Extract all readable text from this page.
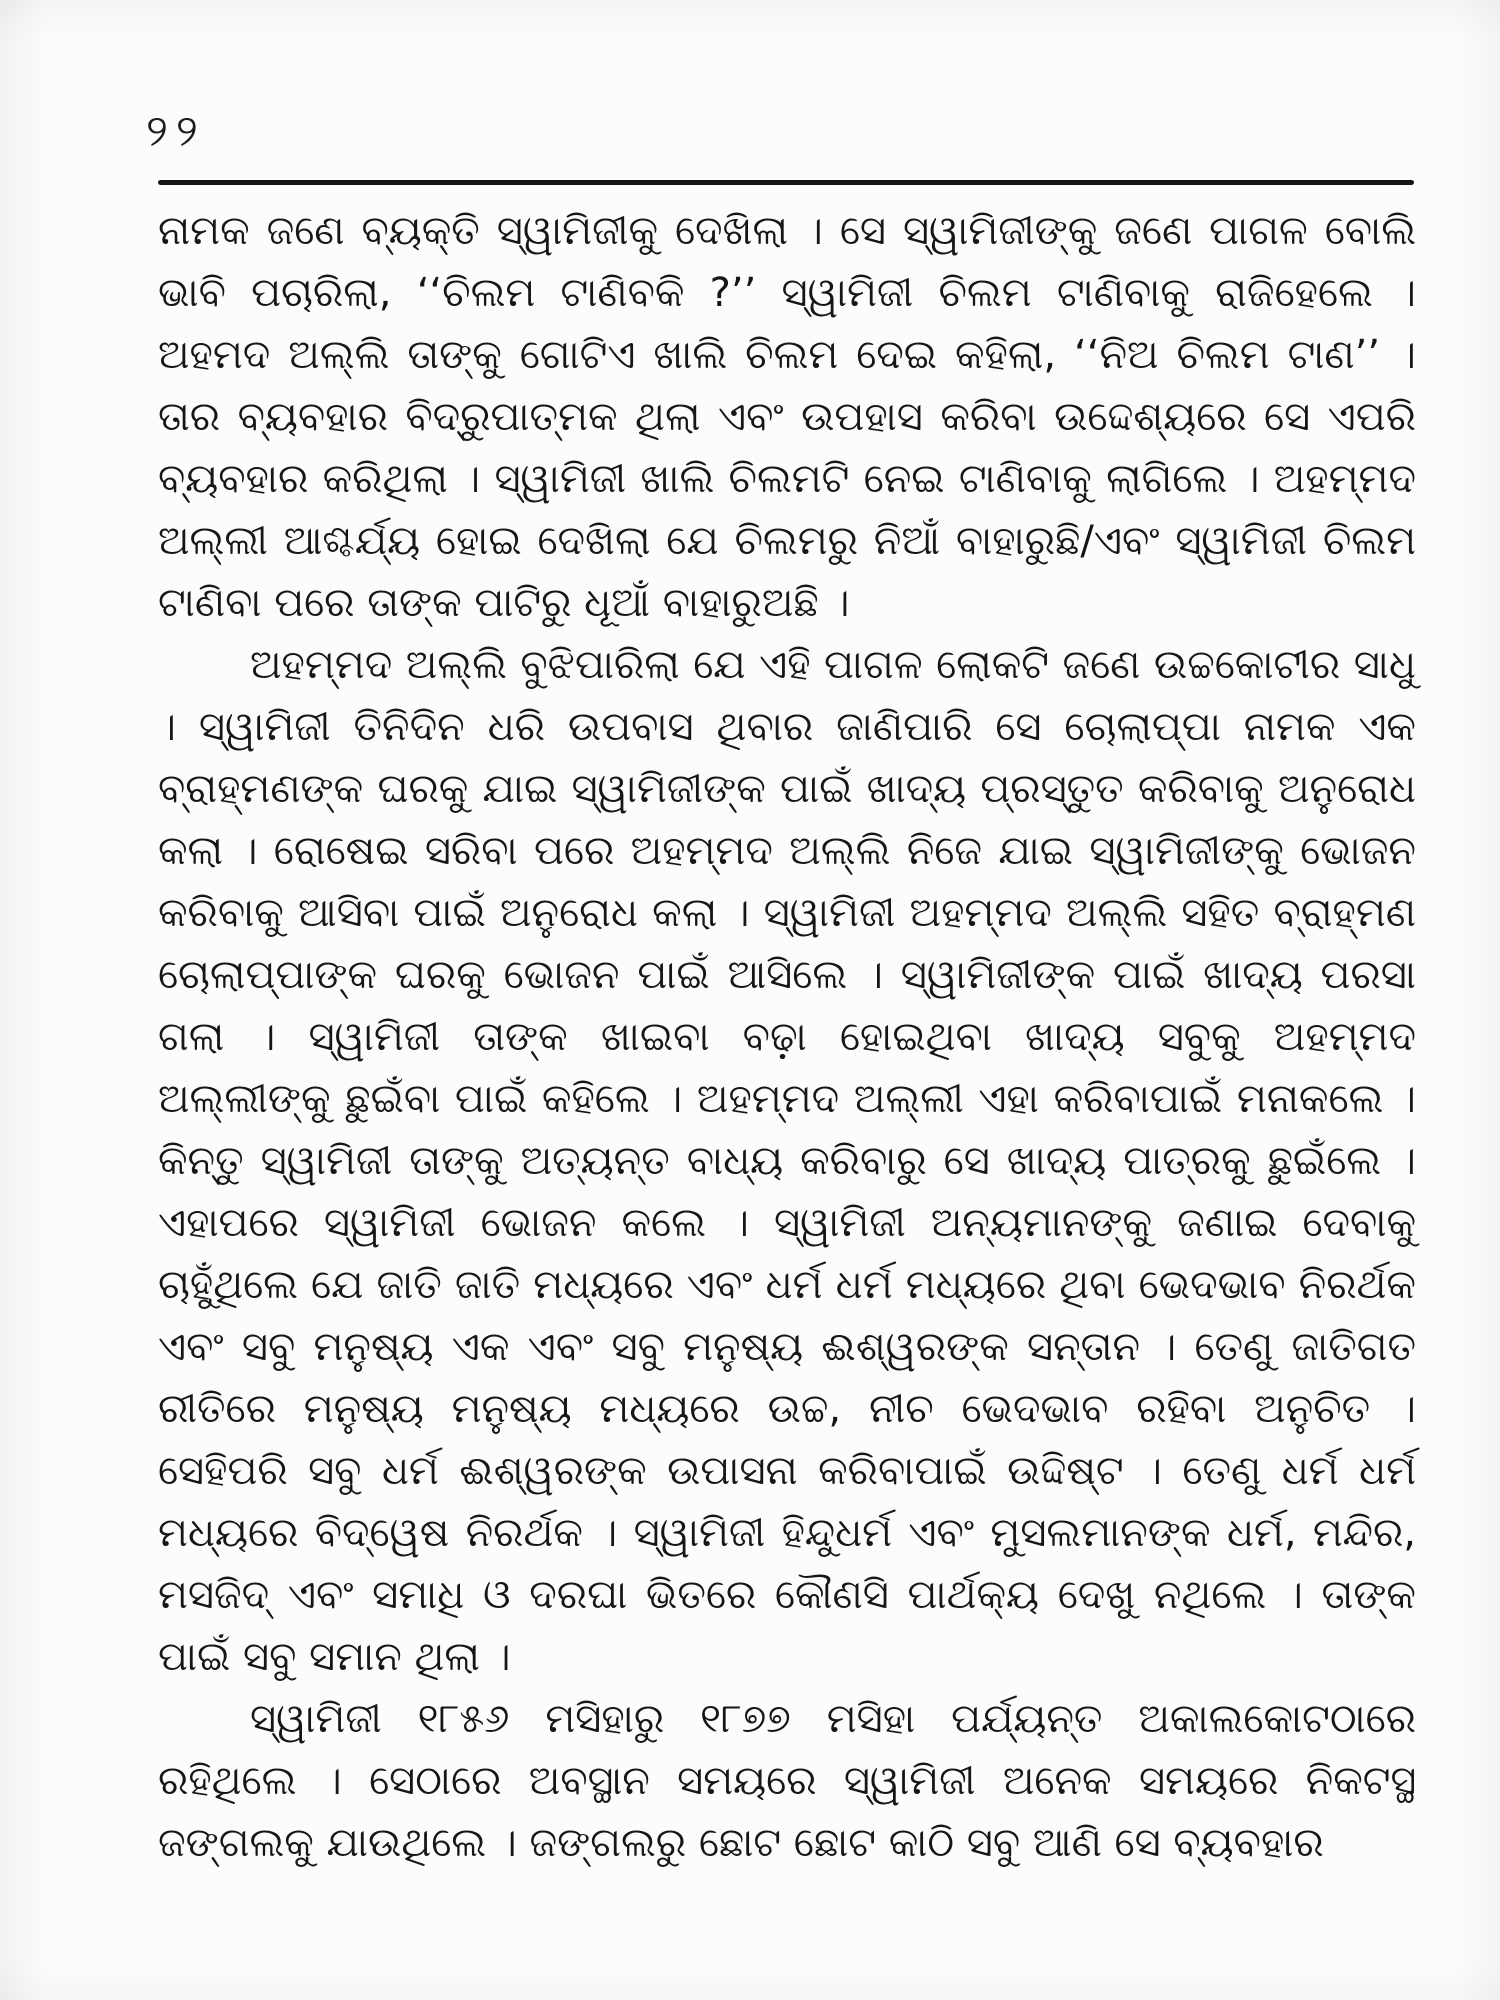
୨୨

ନାମକ ଜଣେ ବ୍ୟକ୍ତି ସ୍ୱାମିଜୀକୁ ଦେଖିଲା । ସେ ସ୍ୱାମିଜୀଙ୍କୁ ଜଣେ ପାଗଳ ବୋଲି ଭାବି ପଚାରିଲା, ‘‘ଚିଲମ ଟାଣିବକି ?’’ ସ୍ୱାମିଜୀ ଚିଲମ ଟାଣିବାକୁ ରାଜିହେଲେ । ଅହମଦ ଅଲ୍ଲି ତାଙ୍କୁ ଗୋଟିଏ ଖାଲି ଚିଲମ ଦେଇ କହିଲା, ‘‘ନିଅ ଚିଲମ ଟାଣ’’ । ତାର ବ୍ୟବହାର ବିଦ୍ରୁପାତ୍ମକ ଥିଲା ଏବଂ ଉପହାସ କରିବା ଉଦ୍ଦେଶ୍ୟରେ ସେ ଏପରି ବ୍ୟବହାର କରିଥିଲା । ସ୍ୱାମିଜୀ ଖାଲି ଚିଲମଟି ନେଇ ଟାଣିବାକୁ ଲାଗିଲେ । ଅହମ୍ମଦ ଅଲ୍ଲୀ ଆଶ୍ଚର୍ଯ୍ୟ ହୋଇ ଦେଖିଲା ଯେ ଚିଲମରୁ ନିଆଁ ବାହାରୁଛି/ଏବଂ ସ୍ୱାମିଜୀ ଚିଲମ ଟାଣିବା ପରେ ତାଙ୍କ ପାଟିରୁ ଧୂଆଁ ବାହାରୁଅଛି ।

ଅହମ୍ମଦ ଅଲ୍ଲି ବୁଝିପାରିଲା ଯେ ଏହି ପାଗଳ ଲୋକଟି ଜଣେ ଉଚ୍ଚକୋଟୀର ସାଧୁ । ସ୍ୱାମିଜୀ ତିନିଦିନ ଧରି ଉପବାସ ଥିବାର ଜାଣିପାରି ସେ ଚୋଲାପ୍ପା ନାମକ ଏକ ବ୍ରାହ୍ମଣଙ୍କ ଘରକୁ ଯାଇ ସ୍ୱାମିଜୀଙ୍କ ପାଇଁ ଖାଦ୍ୟ ପ୍ରସ୍ତୁତ କରିବାକୁ ଅନୁରୋଧ କଲା । ରୋଷେଇ ସରିବା ପରେ ଅହମ୍ମଦ ଅଲ୍ଲି ନିଜେ ଯାଇ ସ୍ୱାମିଜୀଙ୍କୁ ଭୋଜନ କରିବାକୁ ଆସିବା ପାଇଁ ଅନୁରୋଧ କଲା । ସ୍ୱାମିଜୀ ଅହମ୍ମଦ ଅଲ୍ଲି ସହିତ ବ୍ରାହ୍ମଣ ଚୋଲାପ୍ପାଙ୍କ ଘରକୁ ଭୋଜନ ପାଇଁ ଆସିଲେ । ସ୍ୱାମିଜୀଙ୍କ ପାଇଁ ଖାଦ୍ୟ ପରସା ଗଲା । ସ୍ୱାମିଜୀ ତାଙ୍କ ଖାଇବା ବଢ଼ା ହୋଇଥିବା ଖାଦ୍ୟ ସବୁକୁ ଅହମ୍ମଦ ଅଲ୍ଲୀଙ୍କୁ ଛୁଇଁବା ପାଇଁ କହିଲେ । ଅହମ୍ମଦ ଅଲ୍ଲୀ ଏହା କରିବାପାଇଁ ମନାକଲେ । କିନ୍ତୁ ସ୍ୱାମିଜୀ ତାଙ୍କୁ ଅତ୍ୟନ୍ତ ବାଧ୍ୟ କରିବାରୁ ସେ ଖାଦ୍ୟ ପାତ୍ରକୁ ଛୁଇଁଲେ । ଏହାପରେ ସ୍ୱାମିଜୀ ଭୋଜନ କଲେ । ସ୍ୱାମିଜୀ ଅନ୍ୟମାନଙ୍କୁ ଜଣାଇ ଦେବାକୁ ଚାହୁଁଥିଲେ ଯେ ଜାତି ଜାତି ମଧ୍ୟରେ ଏବଂ ଧର୍ମ ଧର୍ମ ମଧ୍ୟରେ ଥିବା ଭେଦଭାବ ନିରର୍ଥକ ଏବଂ ସବୁ ମନୁଷ୍ୟ ଏକ ଏବଂ ସବୁ ମନୁଷ୍ୟ ଈଶ୍ୱରଙ୍କ ସନ୍ତାନ । ତେଣୁ ଜାତିଗତ ରୀତିରେ ମନୁଷ୍ୟ ମନୁଷ୍ୟ ମଧ୍ୟରେ ଉଚ୍ଚ, ନୀଚ ଭେଦଭାବ ରହିବା ଅନୁଚିତ । ସେହିପରି ସବୁ ଧର୍ମ ଈଶ୍ୱରଙ୍କ ଉପାସନା କରିବାପାଇଁ ଉଦ୍ଦିଷ୍ଟ । ତେଣୁ ଧର୍ମ ଧର୍ମ ମଧ୍ୟରେ ବିଦ୍ୱେଷ ନିରର୍ଥକ । ସ୍ୱାମିଜୀ ହିନ୍ଦୁଧର୍ମ ଏବଂ ମୁସଲମାନଙ୍କ ଧର୍ମ, ମନ୍ଦିର, ମସଜିଦ୍ ଏବଂ ସମାଧି ଓ ଦରଘା ଭିତରେ କୌଣସି ପାର୍ଥକ୍ୟ ଦେଖୁ ନଥିଲେ । ତାଙ୍କ ପାଇଁ ସବୁ ସମାନ ଥିଲା ।

ସ୍ୱାମିଜୀ ୧୮୫୬ ମସିହାରୁ ୧୮୭୭ ମସିହା ପର୍ଯ୍ୟନ୍ତ ଅକାଲକୋଟଠାରେ ରହିଥିଲେ । ସେଠାରେ ଅବସ୍ଥାନ ସମୟରେ ସ୍ୱାମିଜୀ ଅନେକ ସମୟରେ ନିକଟସ୍ଥ ଜଙ୍ଗଲକୁ ଯାଉଥିଲେ । ଜଙ୍ଗଲରୁ ଛୋଟ ଛୋଟ କାଠି ସବୁ ଆଣି ସେ ବ୍ୟବହାର
